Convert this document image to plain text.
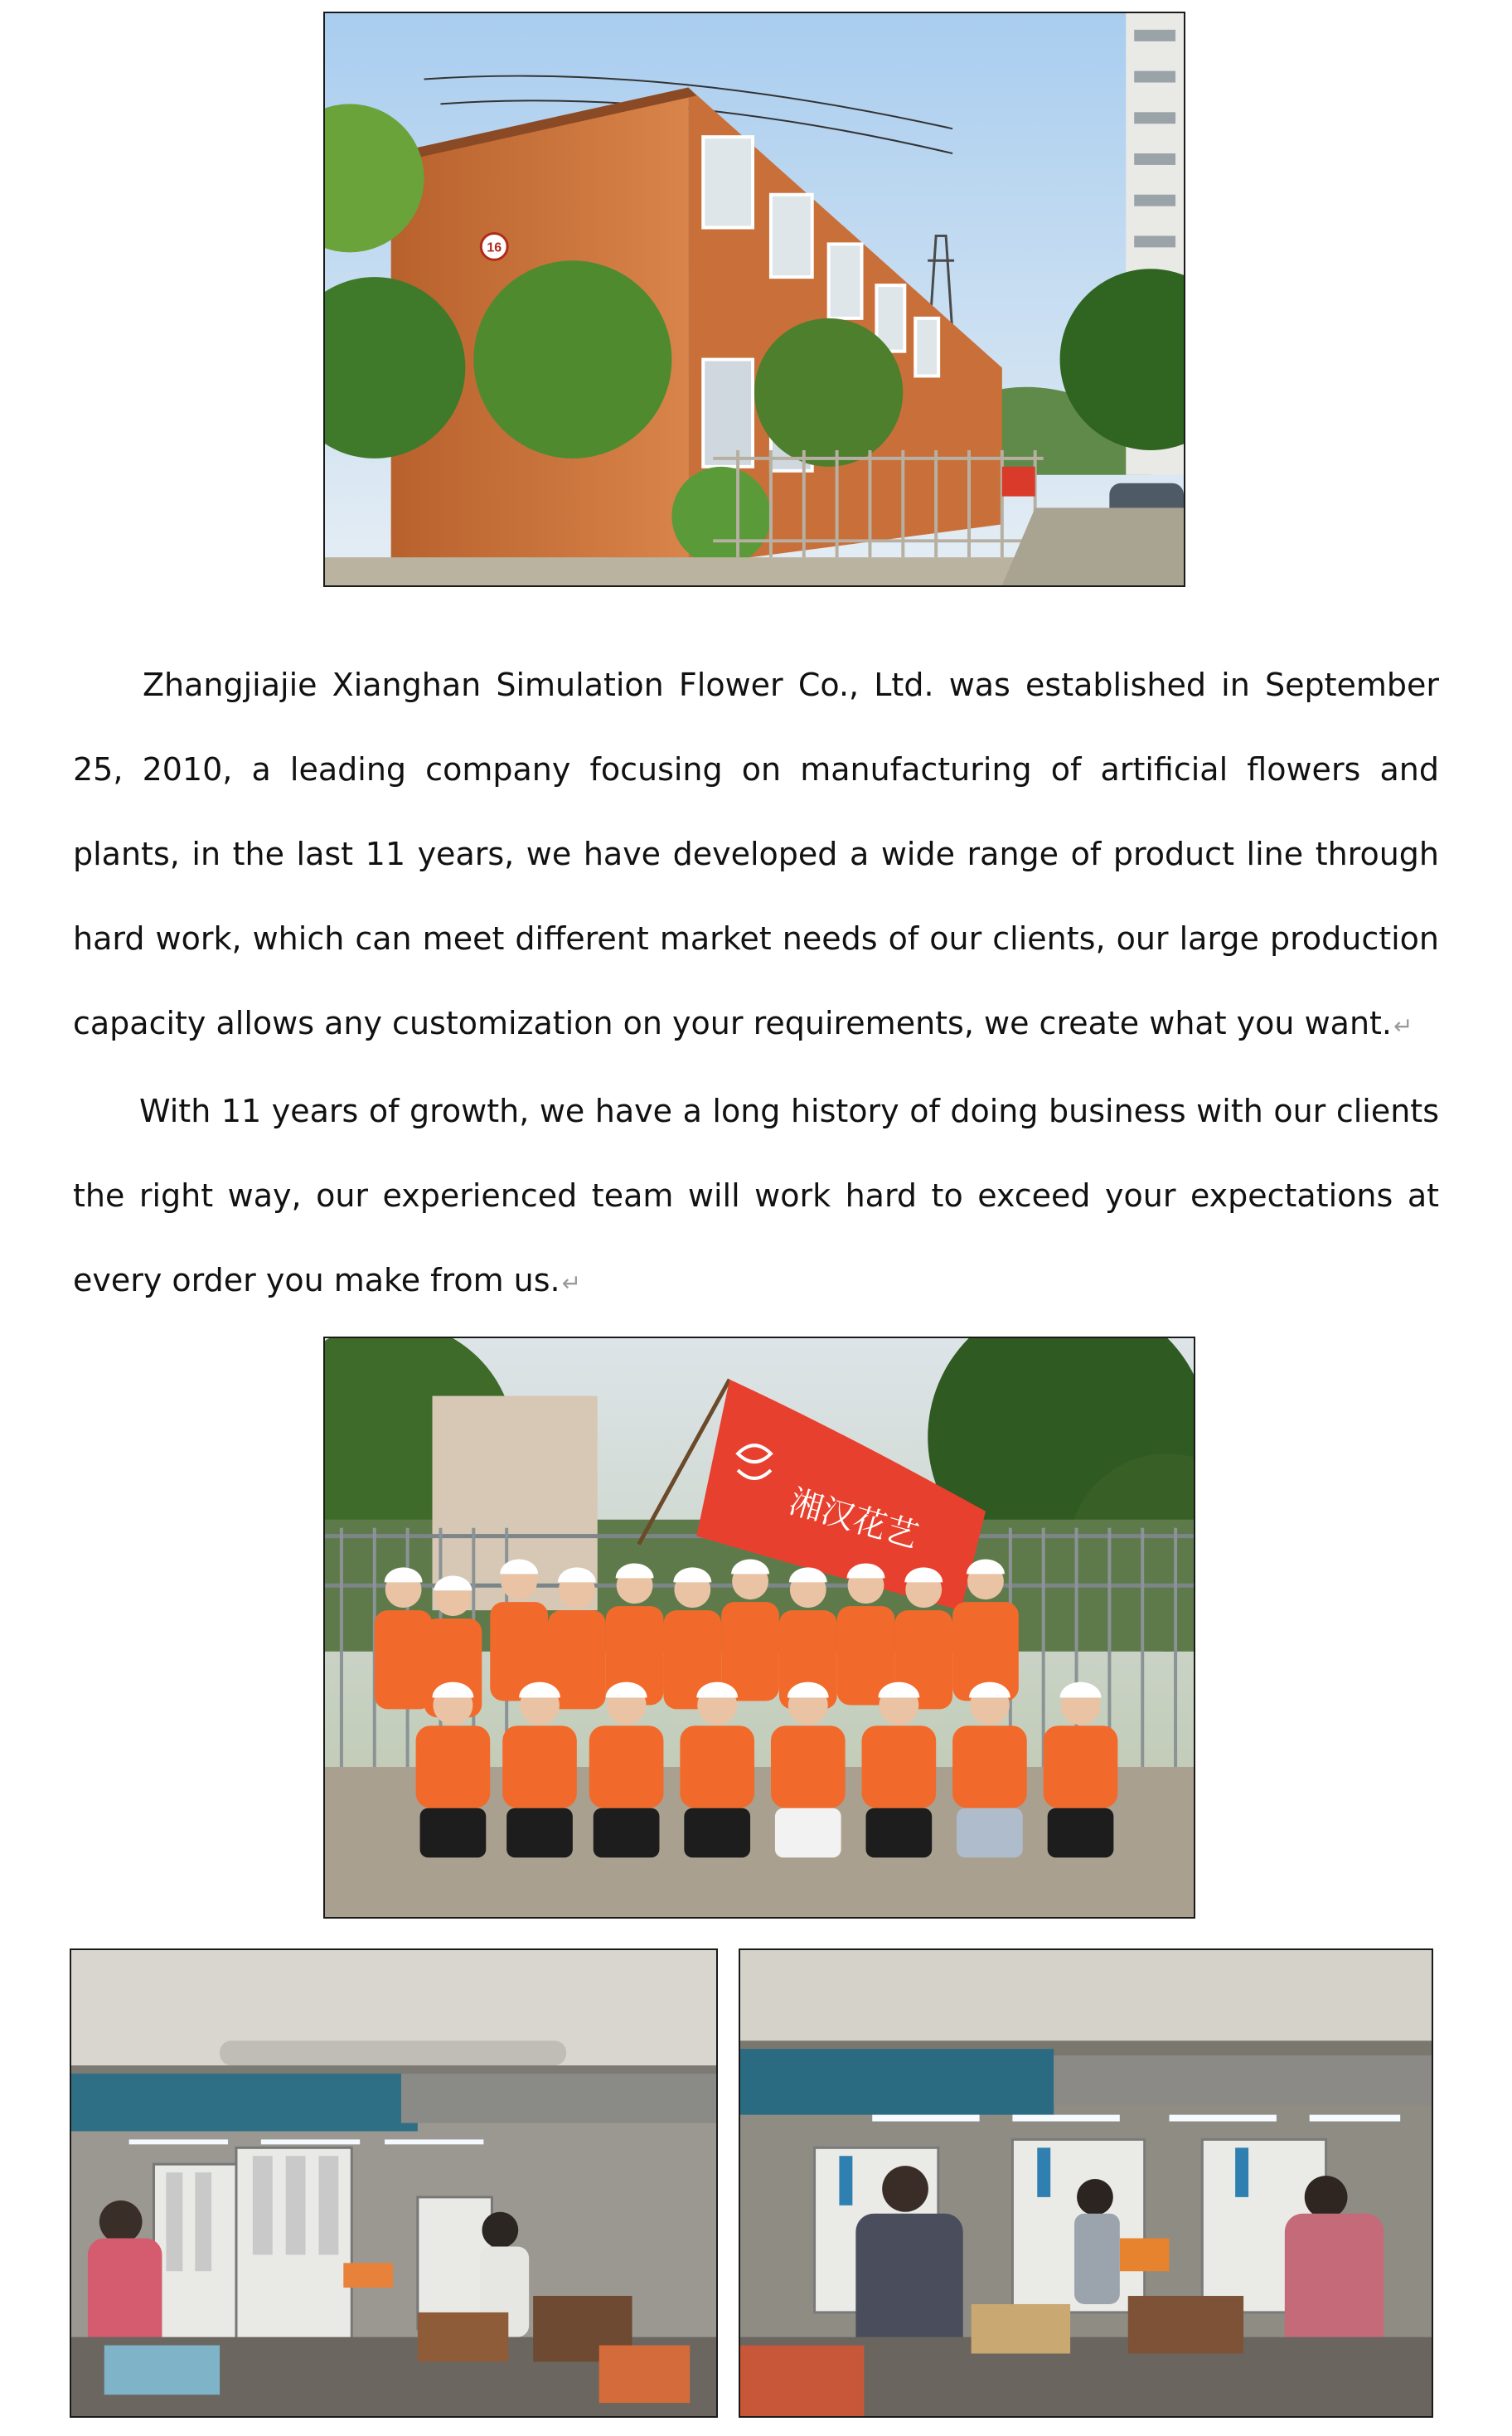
16

Zhangjiajie Xianghan Simulation Flower Co., Ltd. was established in September 25, 2010, a leading company focusing on manufacturing of artificial flowers and plants, in the last 11 years, we have developed a wide range of product line through hard work, which can meet different market needs of our clients, our large production capacity allows any customization on your requirements, we create what you want.↵

With 11 years of growth, we have a long history of doing business with our clients the right way, our experienced team will work hard to exceed your expectations at every order you make from us.↵

湘汉花艺
